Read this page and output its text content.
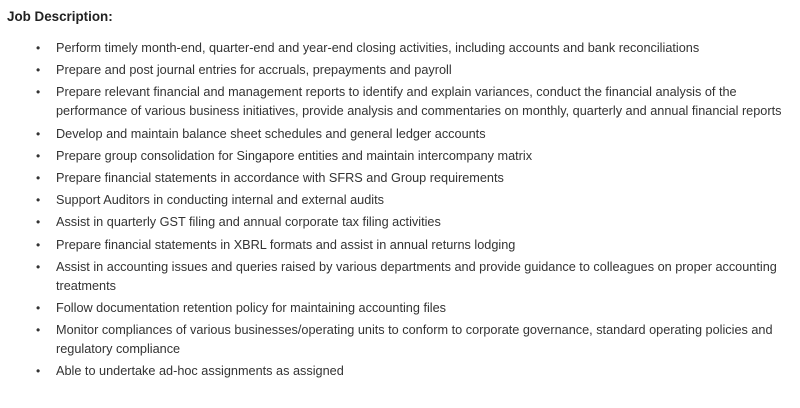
Job Description:
•	Perform timely month-end, quarter-end and year-end closing activities, including accounts and bank reconciliations
•	Prepare and post journal entries for accruals, prepayments and payroll
•	Prepare relevant financial and management reports to identify and explain variances, conduct the financial analysis of the performance of various business initiatives, provide analysis and commentaries on monthly, quarterly and annual financial reports
•	Develop and maintain balance sheet schedules and general ledger accounts
•	Prepare group consolidation for Singapore entities and maintain intercompany matrix
•	Prepare financial statements in accordance with SFRS and Group requirements
•	Support Auditors in conducting internal and external audits
•	Assist in quarterly GST filing and annual corporate tax filing activities
•	Prepare financial statements in XBRL formats and assist in annual returns lodging
•	Assist in accounting issues and queries raised by various departments and provide guidance to colleagues on proper accounting treatments
•	Follow documentation retention policy for maintaining accounting files
•	Monitor compliances of various businesses/operating units to conform to corporate governance, standard operating policies and regulatory compliance
•	Able to undertake ad-hoc assignments as assigned
